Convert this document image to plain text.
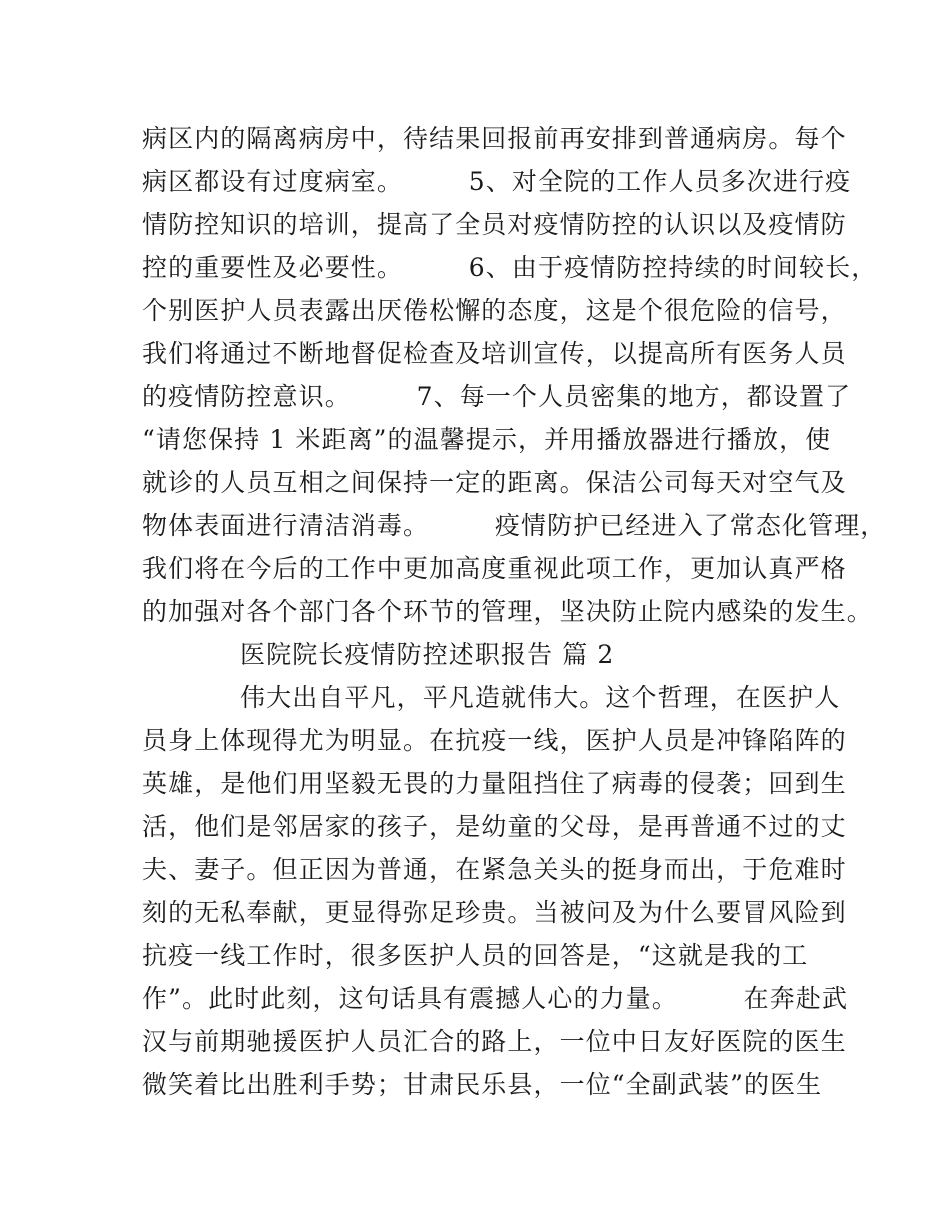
病区内的隔离病房中，待结果回报前再安排到普通病房。每个
病区都设有过度病室。　　　5、对全院的工作人员多次进行疫
情防控知识的培训，提高了全员对疫情防控的认识以及疫情防
控的重要性及必要性。　　　6、由于疫情防控持续的时间较长，
个别医护人员表露出厌倦松懈的态度，这是个很危险的信号，
我们将通过不断地督促检查及培训宣传，以提高所有医务人员
的疫情防控意识。　　　7、每一个人员密集的地方，都设置了
“请您保持 1 米距离”的温馨提示，并用播放器进行播放，使
就诊的人员互相之间保持一定的距离。保洁公司每天对空气及
物体表面进行清洁消毒。　　　疫情防护已经进入了常态化管理，
我们将在今后的工作中更加高度重视此项工作，更加认真严格
的加强对各个部门各个环节的管理，坚决防止院内感染的发生。
医院院长疫情防控述职报告 篇 2
伟大出自平凡，平凡造就伟大。这个哲理，在医护人
员身上体现得尤为明显。在抗疫一线，医护人员是冲锋陷阵的
英雄，是他们用坚毅无畏的力量阻挡住了病毒的侵袭；回到生
活，他们是邻居家的孩子，是幼童的父母，是再普通不过的丈
夫、妻子。但正因为普通，在紧急关头的挺身而出，于危难时
刻的无私奉献，更显得弥足珍贵。当被问及为什么要冒风险到
抗疫一线工作时，很多医护人员的回答是，“这就是我的工
作”。此时此刻，这句话具有震撼人心的力量。　　　在奔赴武
汉与前期驰援医护人员汇合的路上，一位中日友好医院的医生
微笑着比出胜利手势；甘肃民乐县，一位“全副武装”的医生
